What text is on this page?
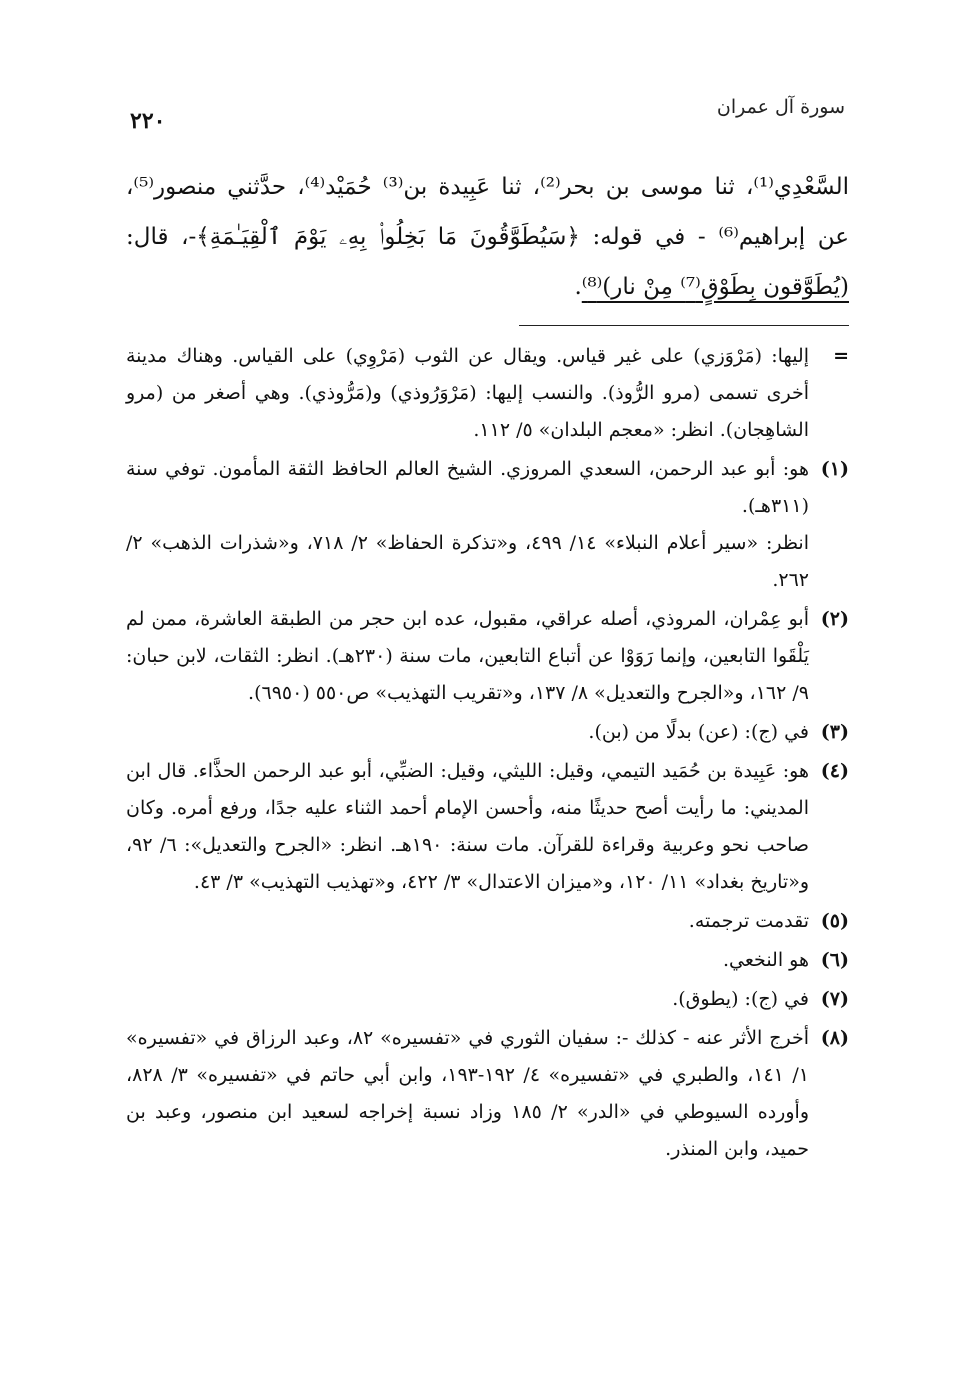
سورة آل عمران
٢٢٠
السَّعْدِي⁽¹⁾، ثنا موسى بن بحر⁽²⁾، ثنا عَبِيدة بن⁽³⁾ حُمَيْد⁽⁴⁾، حدَّثني منصور⁽⁵⁾، عن إبراهيم⁽⁶⁾ - في قوله: ﴿سَيُطَوَّقُونَ مَا بَخِلُوا۟ بِهِۦ يَوْمَ ٱلْقِيَـٰمَةِ﴾-، قال: (يُطَوَّقون بِطَوْقٍ⁽⁷⁾ مِنْ نار)⁽⁸⁾.
=

إليها: (مَرْوَزي) على غير قياس. ويقال عن الثوب (مَرْوِي) على القياس. وهناك مدينة أخرى تسمى (مرو الرُّوذ). والنسب إليها: (مَرْوَرُوذي) و(مَرُّوذي). وهي أصغر من (مرو الشاهِجان). انظر: «معجم البلدان» ٥/ ١١٢.

(١)

هو: أبو عبد الرحمن، السعدي المروزي. الشيخ العالم الحافظ الثقة المأمون. توفي سنة (٣١١هـ).

انظر: «سير أعلام النبلاء» ١٤/ ٤٩٩، و«تذكرة الحفاظ» ٢/ ٧١٨، و«شذرات الذهب» ٢/ ٢٦٢.

(٢)

أبو عِمْران، المروذي، أصله عراقي، مقبول، عده ابن حجر من الطبقة العاشرة، ممن لم يَلْقَوا التابعين، وإنما رَوَوْا عن أتباع التابعين، مات سنة (٢٣٠هـ). انظر: الثقات، لابن حبان: ٩/ ١٦٢، و«الجرح والتعديل» ٨/ ١٣٧، و«تقريب التهذيب» ص٥٥٠ (٦٩٥٠).

(٣)

في (ج): (عن) بدلًا من (بن).

(٤)

هو: عَبِيدة بن حُمَيد التيمي، وقيل: الليثي، وقيل: الضبِّي، أبو عبد الرحمن الحذَّاء. قال ابن المديني: ما رأيت أصح حديثًا منه، وأحسن الإمام أحمد الثناء عليه جدًا، ورفع أمره. وكان صاحب نحو وعربية وقراءة للقرآن. مات سنة: ١٩٠هـ. انظر: «الجرح والتعديل»: ٦/ ٩٢، و«تاريخ بغداد» ١١/ ١٢٠، و«ميزان الاعتدال» ٣/ ٤٢٢، و«تهذيب التهذيب» ٣/ ٤٣.

(٥)

تقدمت ترجمته.

(٦)

هو النخعي.

(٧)

في (ج): (يطوق).

(٨)

أخرج الأثر عنه - كذلك -: سفيان الثوري في «تفسيره» ٨٢، وعبد الرزاق في «تفسيره» ١/ ١٤١، والطبري في «تفسيره» ٤/ ١٩٢-١٩٣، وابن أبي حاتم في «تفسيره» ٣/ ٨٢٨، وأورده السيوطي في «الدر» ٢/ ١٨٥ وزاد نسبة إخراجه لسعيد ابن منصور، وعبد بن حميد، وابن المنذر.
